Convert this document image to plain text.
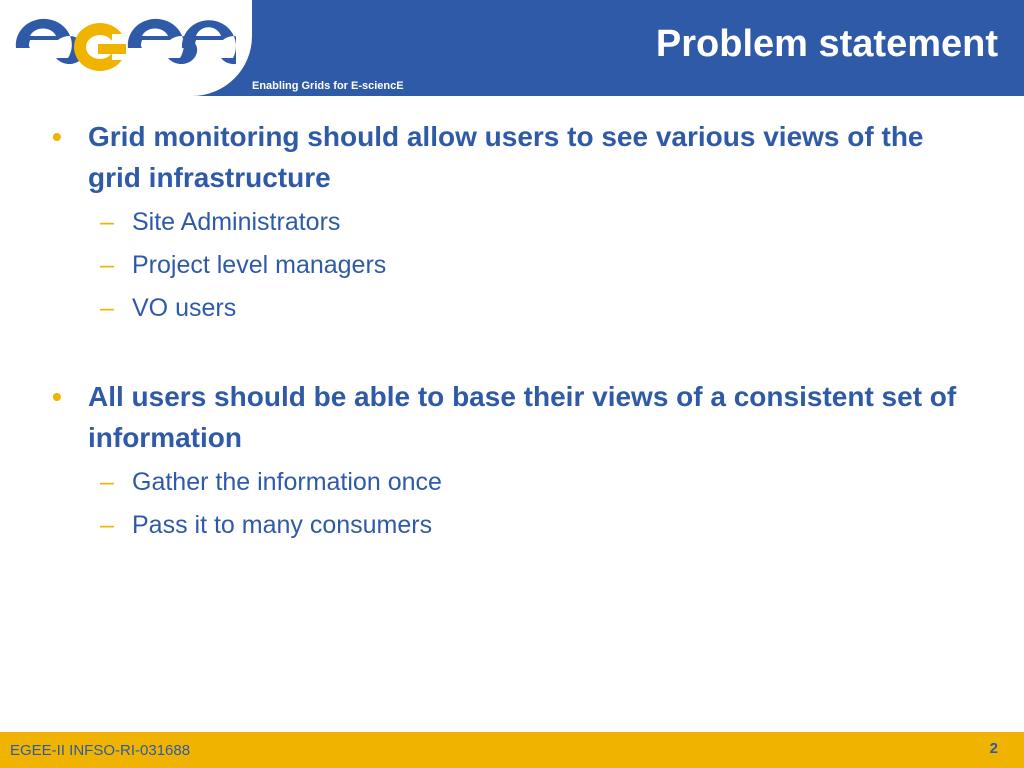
Enabling Grids for E-sciencE
Problem statement
• Grid monitoring should allow users to see various views of the grid infrastructure
– Site Administrators
– Project level managers
– VO users
• All users should be able to base their views of a consistent set of information
– Gather the information once
– Pass it to many consumers
EGEE-II INFSO-RI-031688	2
